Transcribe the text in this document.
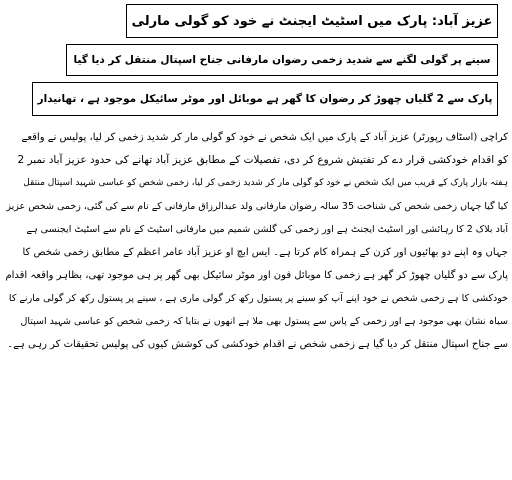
عزیز آباد: پارک میں اسٹیٹ ایجنٹ نے خود کو گولی مارلی
سینے پر گولی لگنے سے شدید زخمی رضوان مارفانی جناح اسپتال منتقل کر دیا گیا
پارک سے 2 گلیاں چھوڑ کر رضوان کا گھر ہے موبائل اور موٹر سائیکل موجود ہے ، تھانیدار
کراچی (اسٹاف رپورٹر) عزیز آباد کے پارک میں ایک شخص نے خود کو گولی مار کر شدید زخمی کر لیا، پولیس نے واقعے
کو اقدام خودکشی قرار دے کر تفتیش شروع کر دی، تفصیلات کے مطابق عزیز آباد تھانے کی حدود عزیز آباد نمبر 2
ہفتہ بازار پارک کے قریب میں ایک شخص نے خود کو گولی مار کر شدید زخمی کر لیا، زخمی شخص کو عباسی شہید اسپتال منتقل
کیا گیا جہاں زخمی شخص کی شناخت 35 سالہ رضوان مارفانی ولد عبدالرزاق مارفانی کے نام سے کی گئی، زخمی شخص عزیز
آباد بلاک 2 کا رہائشی اور اسٹیٹ ایجنٹ ہے اور زخمی کی گلشن شمیم میں مارفانی اسٹیٹ کے نام سے اسٹیٹ ایجنسی ہے
جہاں وہ اپنے دو بھائیوں اور کزن کے ہمراہ کام کرتا ہے۔ ایس ایچ او عزیز آباد عامر اعظم کے مطابق زخمی شخص کا
پارک سے دو گلیاں چھوڑ کر گھر ہے زخمی کا موبائل فون اور موٹر سائیکل بھی گھر پر ہی موجود تھی، بظاہر واقعہ اقدام
خودکشی کا ہے زخمی شخص نے خود اپنے آپ کو سینے پر پستول رکھ کر گولی ماری ہے ، سینے پر پستول رکھ کر گولی مارنے کا
سیاہ نشان بھی موجود ہے اور زخمی کے پاس سے پستول بھی ملا ہے انھوں نے بتایا کہ زخمی شخص کو عباسی شہید اسپتال
سے جناح اسپتال منتقل کر دیا گیا ہے زخمی شخص نے اقدام خودکشی کی کوشش کیوں کی پولیس تحقیقات کر رہی ہے۔
